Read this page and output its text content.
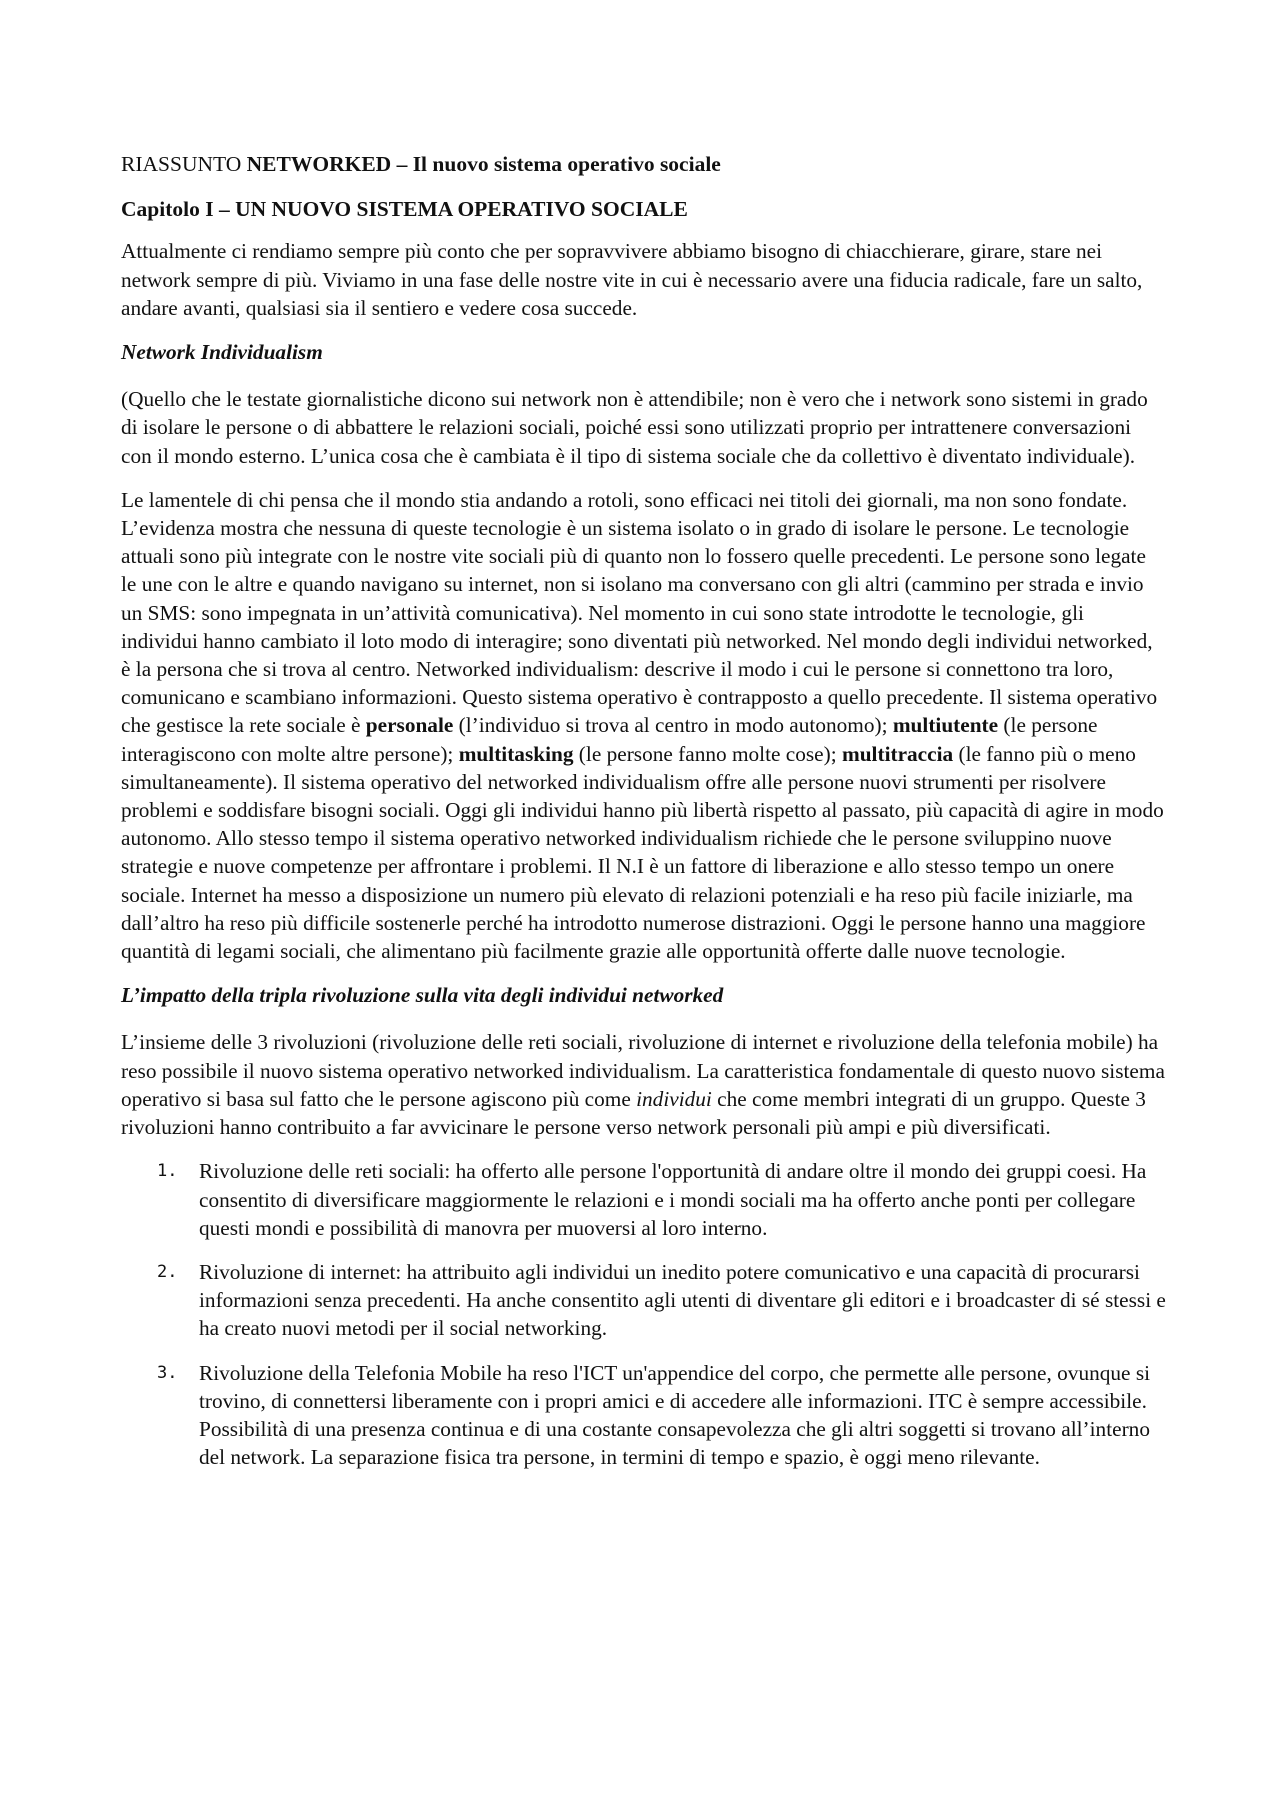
RIASSUNTO NETWORKED – Il nuovo sistema operativo sociale

Capitolo I – UN NUOVO SISTEMA OPERATIVO SOCIALE

Attualmente ci rendiamo sempre più conto che per sopravvivere abbiamo bisogno di chiacchierare, girare, stare nei network sempre di più. Viviamo in una fase delle nostre vite in cui è necessario avere una fiducia radicale, fare un salto, andare avanti, qualsiasi sia il sentiero e vedere cosa succede.

Network Individualism

(Quello che le testate giornalistiche dicono sui network non è attendibile; non è vero che i network sono sistemi in grado di isolare le persone o di abbattere le relazioni sociali, poiché essi sono utilizzati proprio per intrattenere conversazioni con il mondo esterno. L’unica cosa che è cambiata è il tipo di sistema sociale che da collettivo è diventato individuale).

Le lamentele di chi pensa che il mondo stia andando a rotoli, sono efficaci nei titoli dei giornali, ma non sono fondate. L’evidenza mostra che nessuna di queste tecnologie è un sistema isolato o in grado di isolare le persone. Le tecnologie attuali sono più integrate con le nostre vite sociali più di quanto non lo fossero quelle precedenti. Le persone sono legate le une con le altre e quando navigano su internet, non si isolano ma conversano con gli altri (cammino per strada e invio un SMS: sono impegnata in un’attività comunicativa). Nel momento in cui sono state introdotte le tecnologie, gli individui hanno cambiato il loto modo di interagire; sono diventati più networked. Nel mondo degli individui networked, è la persona che si trova al centro. Networked individualism: descrive il modo i cui le persone si connettono tra loro, comunicano e scambiano informazioni. Questo sistema operativo è contrapposto a quello precedente. Il sistema operativo che gestisce la rete sociale è personale (l’individuo si trova al centro in modo autonomo); multiutente (le persone interagiscono con molte altre persone); multitasking (le persone fanno molte cose); multitraccia (le fanno più o meno simultaneamente). Il sistema operativo del networked individualism offre alle persone nuovi strumenti per risolvere problemi e soddisfare bisogni sociali. Oggi gli individui hanno più libertà rispetto al passato, più capacità di agire in modo autonomo. Allo stesso tempo il sistema operativo networked individualism richiede che le persone sviluppino nuove strategie e nuove competenze per affrontare i problemi. Il N.I è un fattore di liberazione e allo stesso tempo un onere sociale. Internet ha messo a disposizione un numero più elevato di relazioni potenziali e ha reso più facile iniziarle, ma dall’altro ha reso più difficile sostenerle perché ha introdotto numerose distrazioni. Oggi le persone hanno una maggiore quantità di legami sociali, che alimentano più facilmente grazie alle opportunità offerte dalle nuove tecnologie.

L’impatto della tripla rivoluzione sulla vita degli individui networked

L’insieme delle 3 rivoluzioni (rivoluzione delle reti sociali, rivoluzione di internet e rivoluzione della telefonia mobile) ha reso possibile il nuovo sistema operativo networked individualism. La caratteristica fondamentale di questo nuovo sistema operativo si basa sul fatto che le persone agiscono più come individui che come membri integrati di un gruppo. Queste 3 rivoluzioni hanno contribuito a far avvicinare le persone verso network personali più ampi e più diversificati.

1. Rivoluzione delle reti sociali: ha offerto alle persone l'opportunità di andare oltre il mondo dei gruppi coesi. Ha consentito di diversificare maggiormente le relazioni e i mondi sociali ma ha offerto anche ponti per collegare questi mondi e possibilità di manovra per muoversi al loro interno.
2. Rivoluzione di internet: ha attribuito agli individui un inedito potere comunicativo e una capacità di procurarsi informazioni senza precedenti. Ha anche consentito agli utenti di diventare gli editori e i broadcaster di sé stessi e ha creato nuovi metodi per il social networking.
3. Rivoluzione della Telefonia Mobile ha reso l'ICT un'appendice del corpo, che permette alle persone, ovunque si trovino, di connettersi liberamente con i propri amici e di accedere alle informazioni. ITC è sempre accessibile. Possibilità di una presenza continua e di una costante consapevolezza che gli altri soggetti si trovano all’interno del network. La separazione fisica tra persone, in termini di tempo e spazio, è oggi meno rilevante.
